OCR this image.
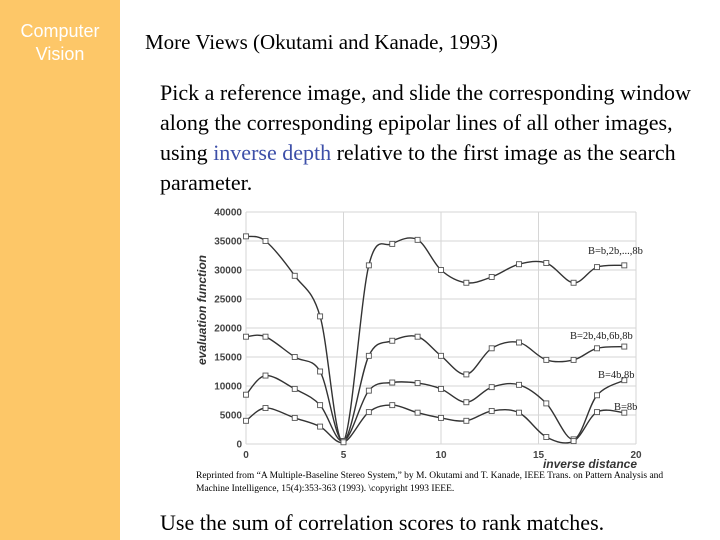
Computer
Vision	More Views (Okutami and Kanade, 1993)
Pick a reference image, and slide the corresponding window along the corresponding epipolar lines of all other images, using inverse depth relative to the first image as the search parameter.
0
5000
10000
15000
20000
25000
30000
35000
40000
0	5	10	15	20
B=b,2b,...,8b
B=2b,4b,6b,8b
B=4b,8b
B=8b
evaluation function
inverse distance
Reprinted from “A Multiple-Baseline Stereo System,” by M. Okutami and T. Kanade, IEEE Trans. on Pattern Analysis and Machine Intelligence, 15(4):353-363 (1993). \copyright 1993 IEEE.
Use the sum of correlation scores to rank matches.
